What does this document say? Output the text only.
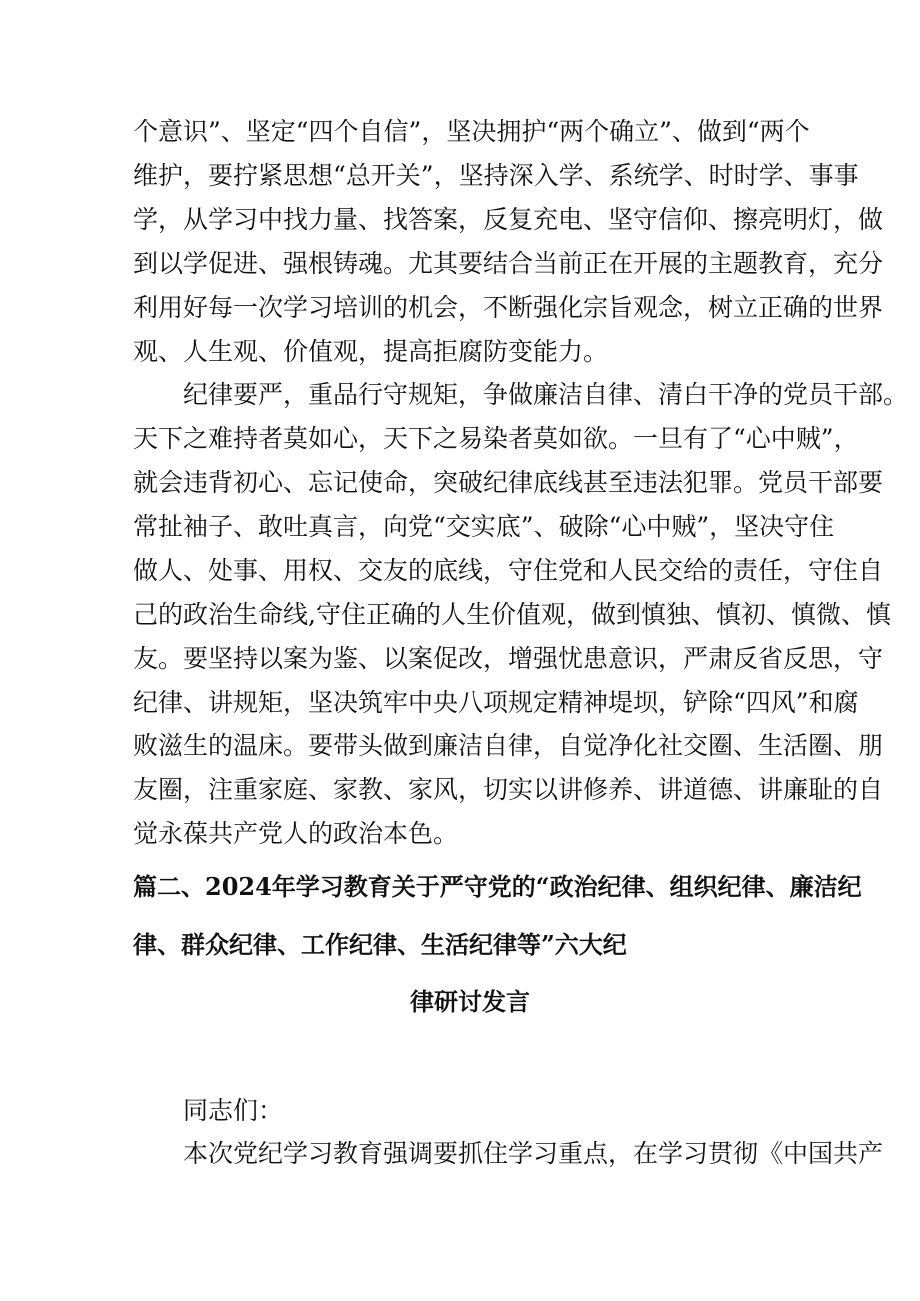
个意识”、坚定“四个自信”，坚决拥护“两个确立”、做到“两个
维护，要拧紧思想“总开关”，坚持深入学、系统学、时时学、事事
学，从学习中找力量、找答案，反复充电、坚守信仰、擦亮明灯，做
到以学促进、强根铸魂。尤其要结合当前正在开展的主题教育，充分
利用好每一次学习培训的机会，不断强化宗旨观念，树立正确的世界
观、人生观、价值观，提高拒腐防变能力。
纪律要严，重品行守规矩，争做廉洁自律、清白干净的党员干部。
天下之难持者莫如心，天下之易染者莫如欲。一旦有了“心中贼”，
就会违背初心、忘记使命，突破纪律底线甚至违法犯罪。党员干部要
常扯袖子、敢吐真言，向党“交实底”、破除“心中贼”，坚决守住
做人、处事、用权、交友的底线，守住党和人民交给的责任，守住自
己的政治生命线,守住正确的人生价值观，做到慎独、慎初、慎微、慎
友。要坚持以案为鉴、以案促改，增强忧患意识，严肃反省反思，守
纪律、讲规矩，坚决筑牢中央八项规定精神堤坝，铲除“四风”和腐
败滋生的温床。要带头做到廉洁自律，自觉净化社交圈、生活圈、朋
友圈，注重家庭、家教、家风，切实以讲修养、讲道德、讲廉耻的自
觉永葆共产党人的政治本色。
篇二、2024年学习教育关于严守党的“政治纪律、组织纪律、廉洁纪
律、群众纪律、工作纪律、生活纪律等”六大纪
律研讨发言
同志们：
本次党纪学习教育强调要抓住学习重点，在学习贯彻《中国共产
